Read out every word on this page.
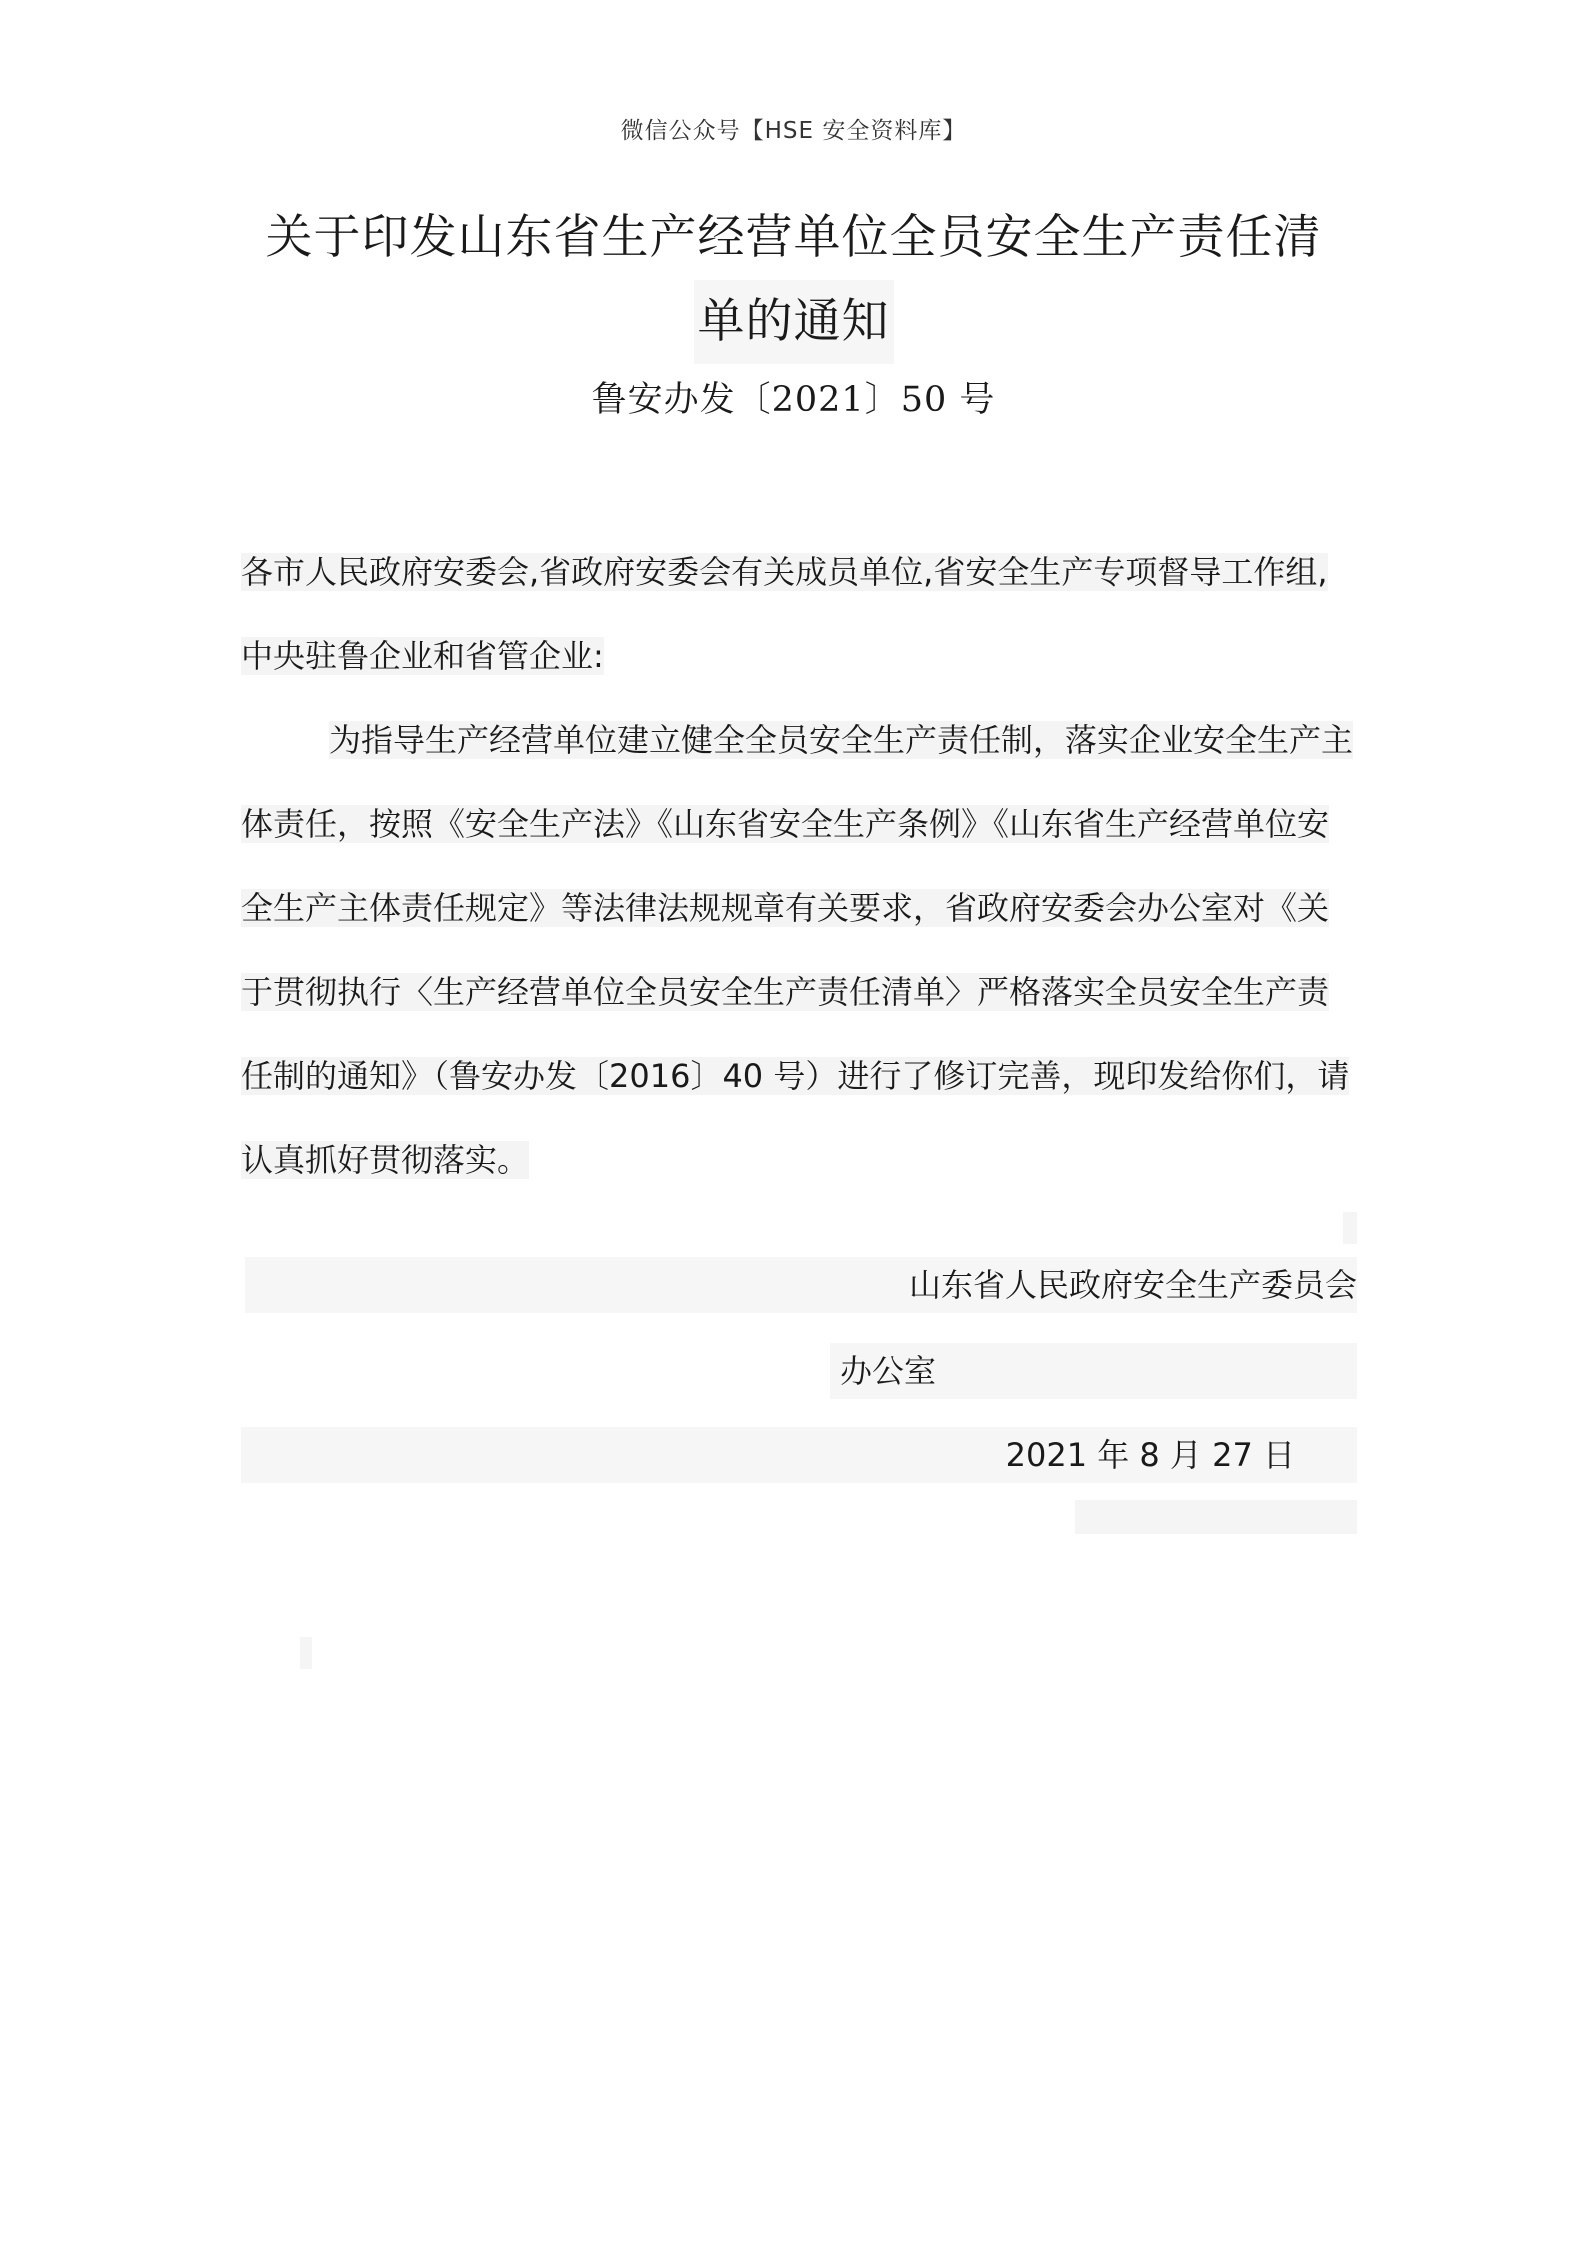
微信公众号【HSE 安全资料库】
关于印发山东省生产经营单位全员安全生产责任清
单的通知
鲁安办发〔2021〕50 号
各市人民政府安委会,省政府安委会有关成员单位,省安全生产专项督导工作组,中央驻鲁企业和省管企业:
为指导生产经营单位建立健全全员安全生产责任制，落实企业安全生产主体责任，按照《安全生产法》《山东省安全生产条例》《山东省生产经营单位安全生产主体责任规定》等法律法规规章有关要求，省政府安委会办公室对《关于贯彻执行〈生产经营单位全员安全生产责任清单〉严格落实全员安全生产责任制的通知》（鲁安办发〔2016〕40 号）进行了修订完善，现印发给你们，请认真抓好贯彻落实。
山东省人民政府安全生产委员会
办公室
2021 年 8 月 27 日
